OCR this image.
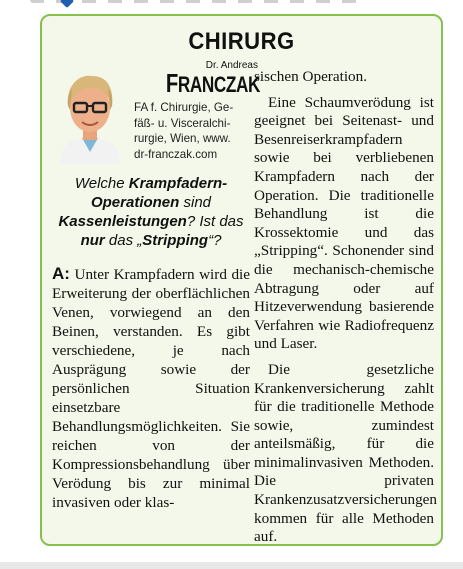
CHIRURG
Dr. Andreas
FRANCZAK
FA f. Chirurgie, Ge-
fäß- u. Visceralchi-
rurgie, Wien, www.
dr-franczak.com
Welche Krampfadern-Operationen sind Kassenleistungen? Ist das nur das „Stripping“?
A: Unter Krampfadern wird die Erweiterung der oberflächlichen Venen, vorwiegend an den Beinen, verstanden. Es gibt verschiedene, je nach Ausprägung sowie der persönlichen Situation einsetzbare Behandlungsmöglichkeiten. Sie reichen von der Kompressionsbehandlung über Verödung bis zur minimal invasiven oder klas-

sischen Operation.

Eine Schaumverödung ist geeignet bei Seitenast- und Besenreiserkrampfadern sowie bei verbliebenen Krampfadern nach der Operation. Die traditionelle Behandlung ist die Krossektomie und das „Stripping“. Schonender sind die mechanisch-chemische Abtragung oder auf Hitzeverwendung basierende Verfahren wie Radiofrequenz und Laser.

Die gesetzliche Krankenversicherung zahlt für die traditionelle Methode sowie, zumindest anteilsmäßig, für die minimalinvasiven Methoden. Die privaten Krankenzusatzversicherungen kommen für alle Methoden auf.
